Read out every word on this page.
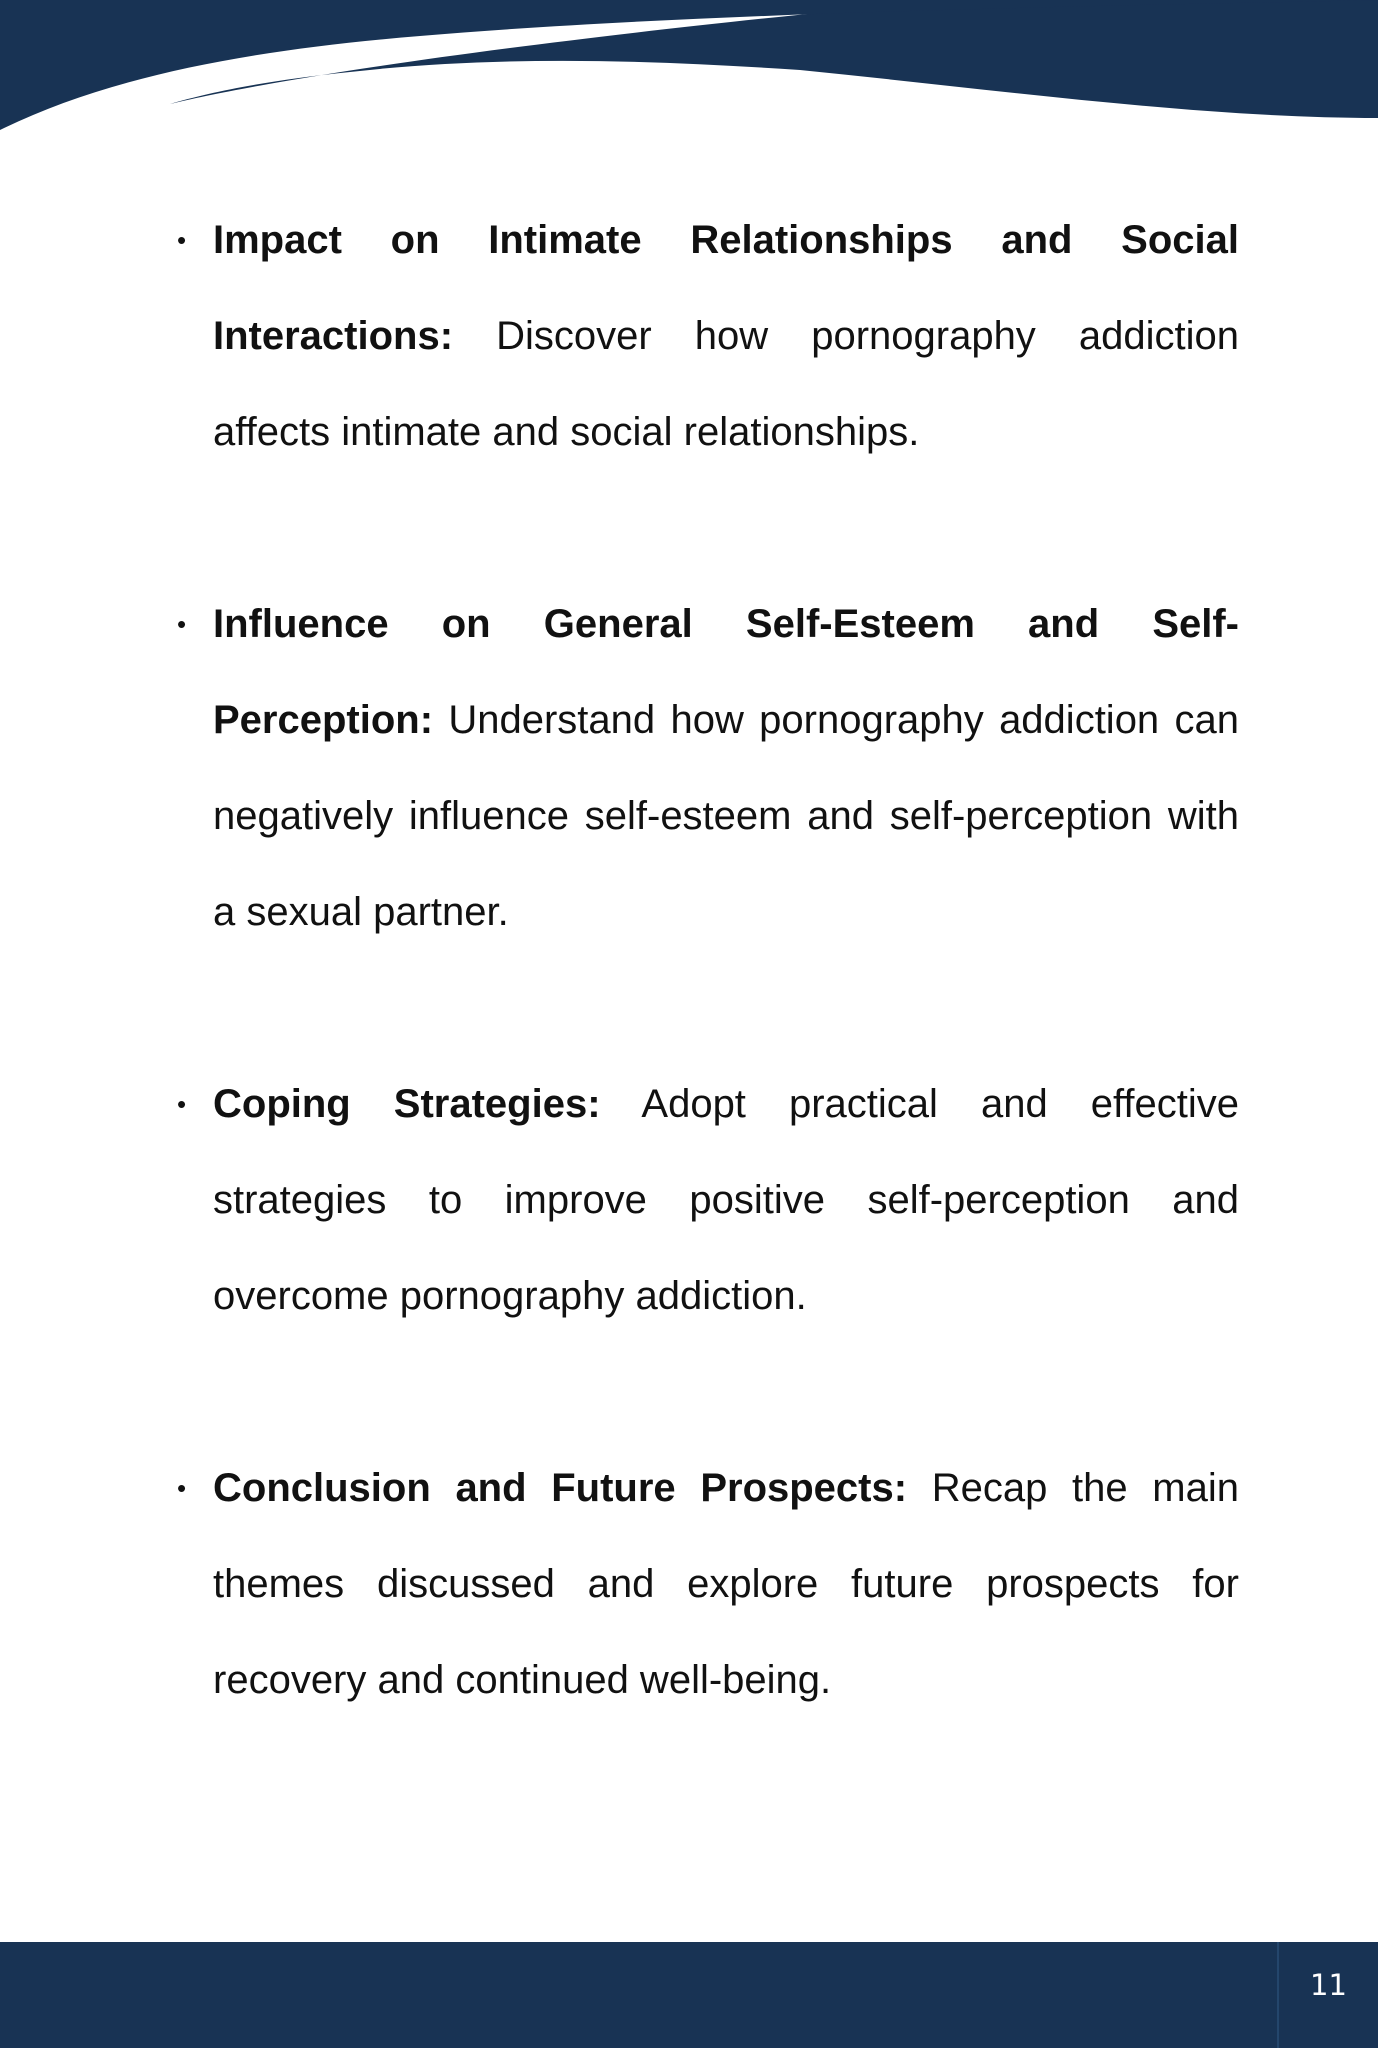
• Impact on Intimate Relationships and Social Interactions: Discover how pornography addiction affects intimate and social relationships.
• Influence on General Self-Esteem and Self-Perception: Understand how pornography addiction can negatively influence self-esteem and self-perception with a sexual partner.
• Coping Strategies: Adopt practical and effective strategies to improve positive self-perception and overcome pornography addiction.
• Conclusion and Future Prospects: Recap the main themes discussed and explore future prospects for recovery and continued well-being.
11
